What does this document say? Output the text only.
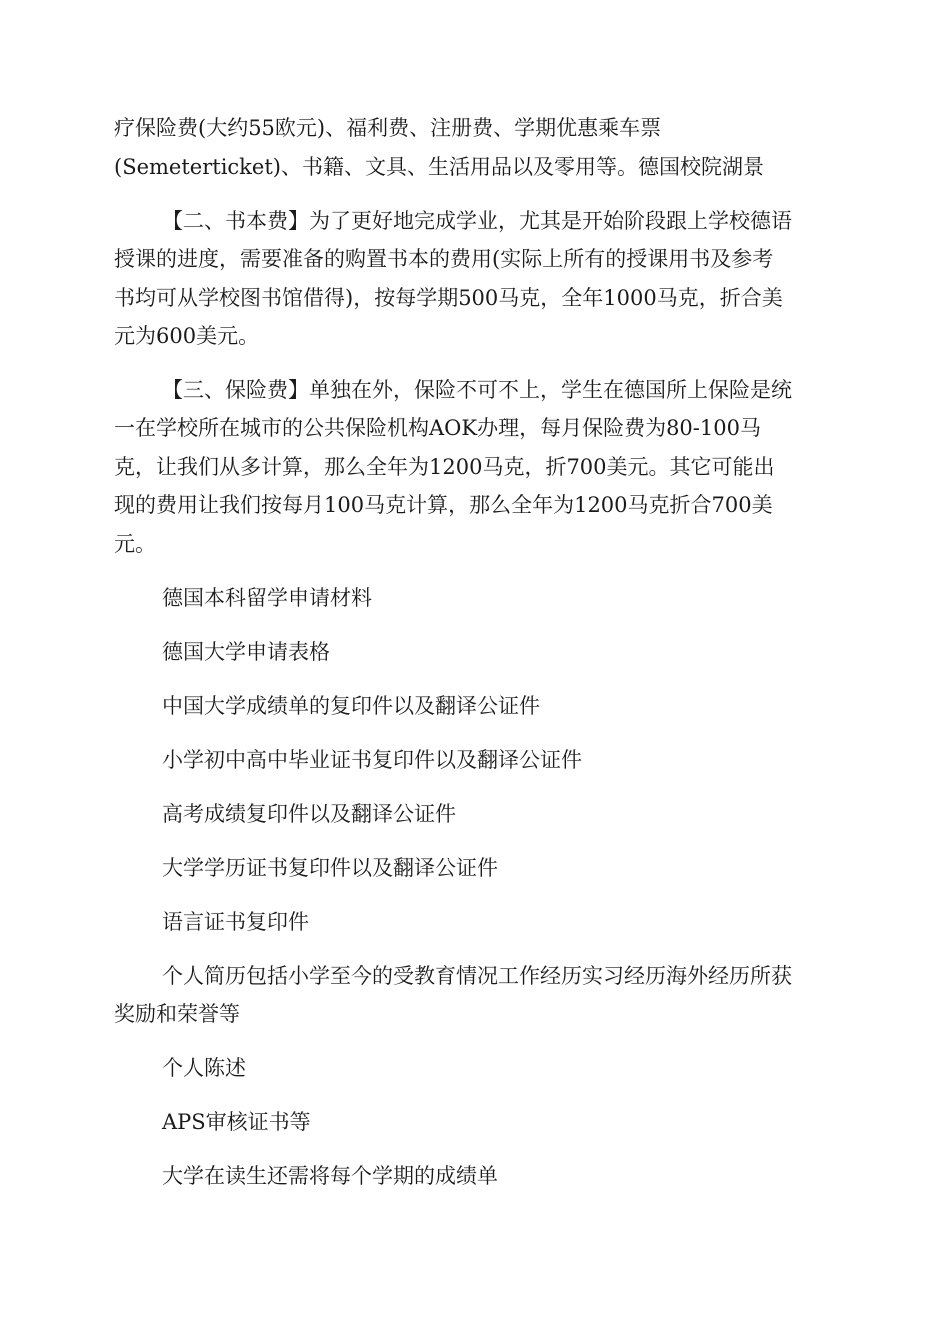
疗保险费(大约55欧元)、福利费、注册费、学期优惠乘车票
(Semeterticket)、书籍、文具、生活用品以及零用等。德国校院湖景
【二、书本费】为了更好地完成学业，尤其是开始阶段跟上学校德语
授课的进度，需要准备的购置书本的费用(实际上所有的授课用书及参考
书均可从学校图书馆借得)，按每学期500马克，全年1000马克，折合美
元为600美元。
【三、保险费】单独在外，保险不可不上，学生在德国所上保险是统
一在学校所在城市的公共保险机构AOK办理，每月保险费为80-100马
克，让我们从多计算，那么全年为1200马克，折700美元。其它可能出
现的费用让我们按每月100马克计算，那么全年为1200马克折合700美
元。
德国本科留学申请材料
德国大学申请表格
中国大学成绩单的复印件以及翻译公证件
小学初中高中毕业证书复印件以及翻译公证件
高考成绩复印件以及翻译公证件
大学学历证书复印件以及翻译公证件
语言证书复印件
个人简历包括小学至今的受教育情况工作经历实习经历海外经历所获
奖励和荣誉等
个人陈述
APS审核证书等
大学在读生还需将每个学期的成绩单
